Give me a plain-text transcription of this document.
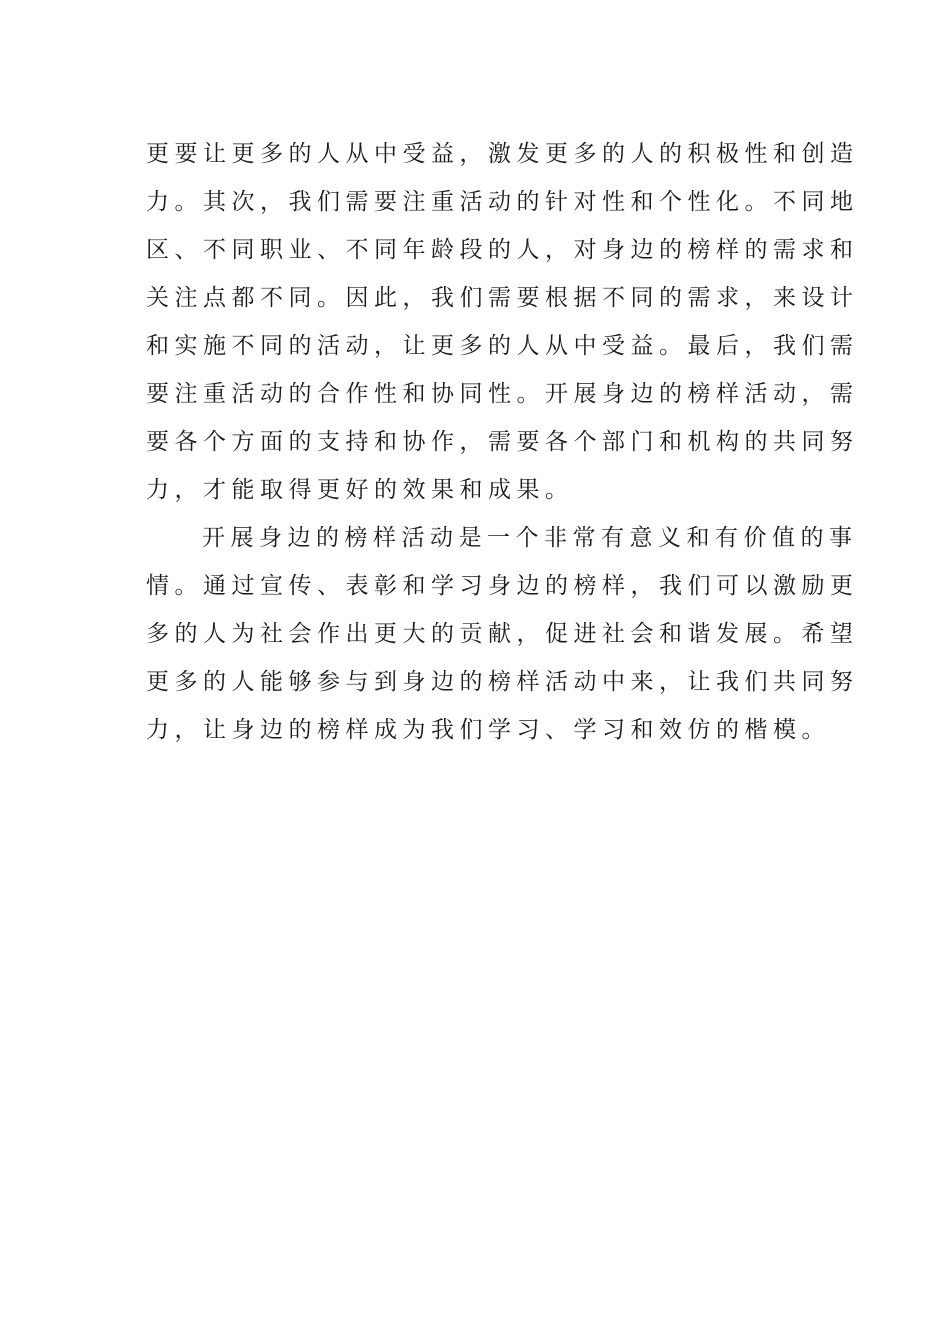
更要让更多的人从中受益，激发更多的人的积极性和创造
力。其次，我们需要注重活动的针对性和个性化。不同地
区、不同职业、不同年龄段的人，对身边的榜样的需求和
关注点都不同。因此，我们需要根据不同的需求，来设计
和实施不同的活动，让更多的人从中受益。最后，我们需
要注重活动的合作性和协同性。开展身边的榜样活动，需
要各个方面的支持和协作，需要各个部门和机构的共同努
力，才能取得更好的效果和成果。
开展身边的榜样活动是一个非常有意义和有价值的事
情。通过宣传、表彰和学习身边的榜样，我们可以激励更
多的人为社会作出更大的贡献，促进社会和谐发展。希望
更多的人能够参与到身边的榜样活动中来，让我们共同努
力，让身边的榜样成为我们学习、学习和效仿的楷模。
